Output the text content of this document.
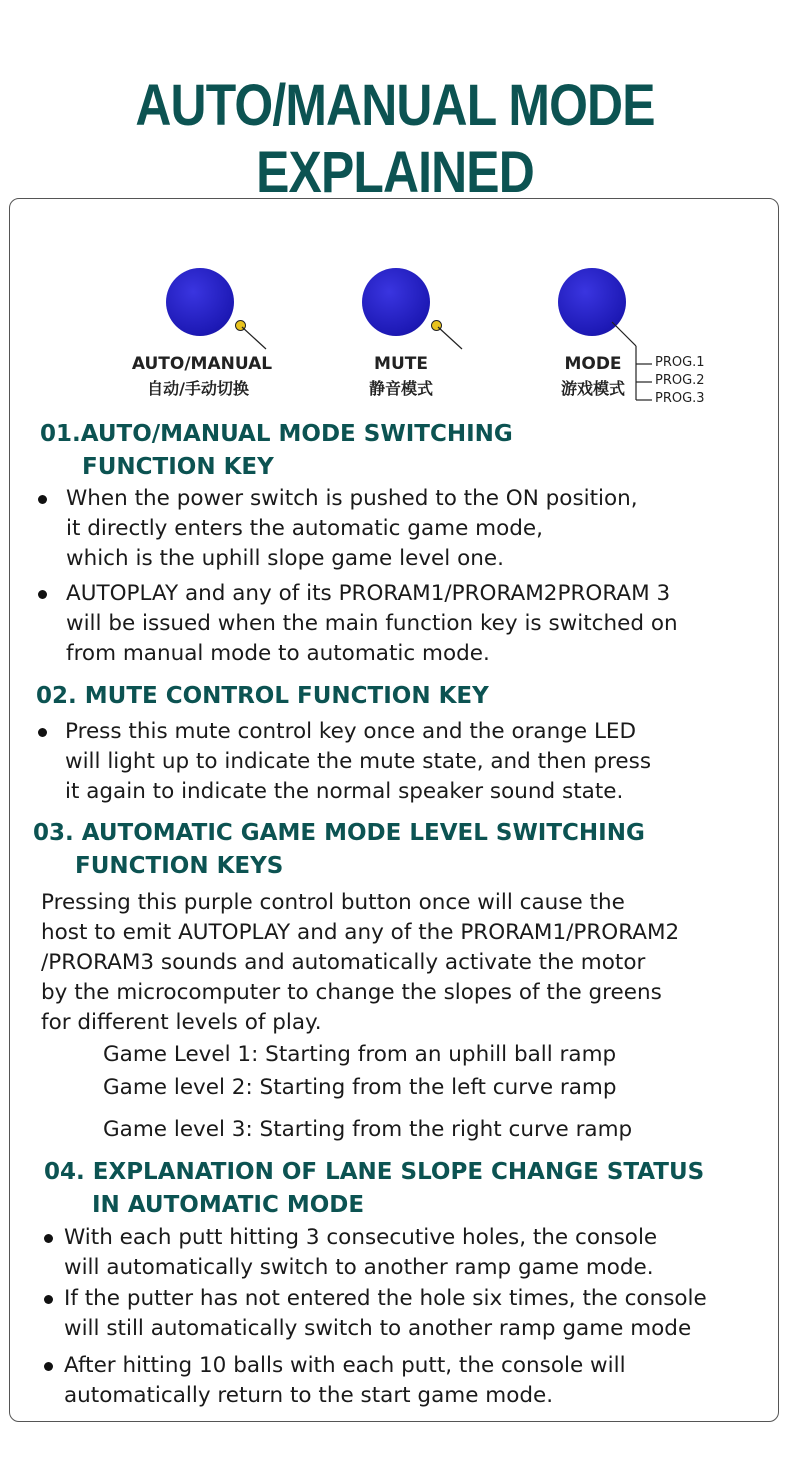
AUTO/MANUAL MODE EXPLAINED
AUTO/MANUAL
自动/手动切换
MUTE
静音模式
MODE
游戏模式
PROG.1
PROG.2
PROG.3
01.AUTO/MANUAL MODE SWITCHING
FUNCTION KEY
When the power switch is pushed to the ON position,
it directly enters the automatic game mode,
which is the uphill slope game level one.
AUTOPLAY and any of its PRORAM1/PRORAM2PRORAM 3
will be issued when the main function key is switched on
from manual mode to automatic mode.
02. MUTE CONTROL FUNCTION KEY
Press this mute control key once and the orange LED
will light up to indicate the mute state, and then press
it again to indicate the normal speaker sound state.
03. AUTOMATIC GAME MODE LEVEL SWITCHING
FUNCTION KEYS
Pressing this purple control button once will cause the
host to emit AUTOPLAY and any of the PRORAM1/PRORAM2
/PRORAM3 sounds and automatically activate the motor
by the microcomputer to change the slopes of the greens
for different levels of play.
Game Level 1: Starting from an uphill ball ramp
Game level 2: Starting from the left curve ramp
Game level 3: Starting from the right curve ramp
04. EXPLANATION OF LANE SLOPE CHANGE STATUS
IN AUTOMATIC MODE
With each putt hitting 3 consecutive holes, the console
will automatically switch to another ramp game mode.
If the putter has not entered the hole six times, the console
will still automatically switch to another ramp game mode
After hitting 10 balls with each putt, the console will
automatically return to the start game mode.
